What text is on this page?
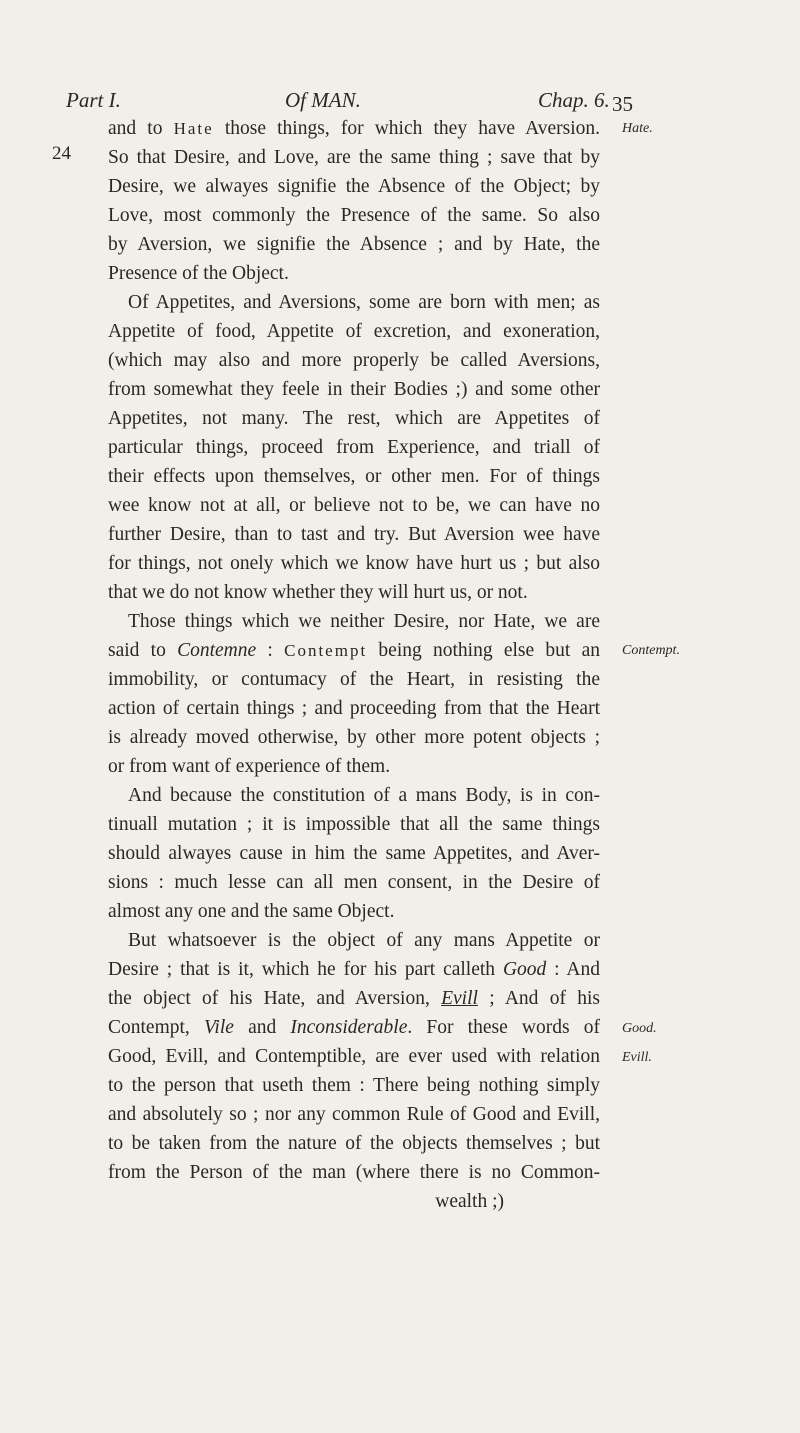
Part I.	Of MAN.	Chap. 6. 35
24
Hate.
Contempt.
Good.
Evill.
and to Hate those things, for which they have Aversion.
So that Desire, and Love, are the same thing ; save that by
Desire, we alwayes signifie the Absence of the Object; by
Love, most commonly the Presence of the same. So also
by Aversion, we signifie the Absence ; and by Hate, the
Presence of the Object.
Of Appetites, and Aversions, some are born with men; as
Appetite of food, Appetite of excretion, and exoneration,
(which may also and more properly be called Aversions,
from somewhat they feele in their Bodies ;) and some other
Appetites, not many. The rest, which are Appetites of
particular things, proceed from Experience, and triall of
their effects upon themselves, or other men. For of things
wee know not at all, or believe not to be, we can have no
further Desire, than to tast and try. But Aversion wee have
for things, not onely which we know have hurt us ; but also
that we do not know whether they will hurt us, or not.
Those things which we neither Desire, nor Hate, we are
said to Contemne : Contempt being nothing else but an
immobility, or contumacy of the Heart, in resisting the
action of certain things ; and proceeding from that the Heart
is already moved otherwise, by other more potent objects ;
or from want of experience of them.
And because the constitution of a mans Body, is in con-
tinuall mutation ; it is impossible that all the same things
should alwayes cause in him the same Appetites, and Aver-
sions : much lesse can all men consent, in the Desire of
almost any one and the same Object.
But whatsoever is the object of any mans Appetite or
Desire ; that is it, which he for his part calleth Good : And
the object of his Hate, and Aversion, Evill ; And of his
Contempt, Vile and Inconsiderable. For these words of
Good, Evill, and Contemptible, are ever used with relation
to the person that useth them : There being nothing simply
and absolutely so ; nor any common Rule of Good and Evill,
to be taken from the nature of the objects themselves ; but
from the Person of the man (where there is no Common-
wealth ;)
